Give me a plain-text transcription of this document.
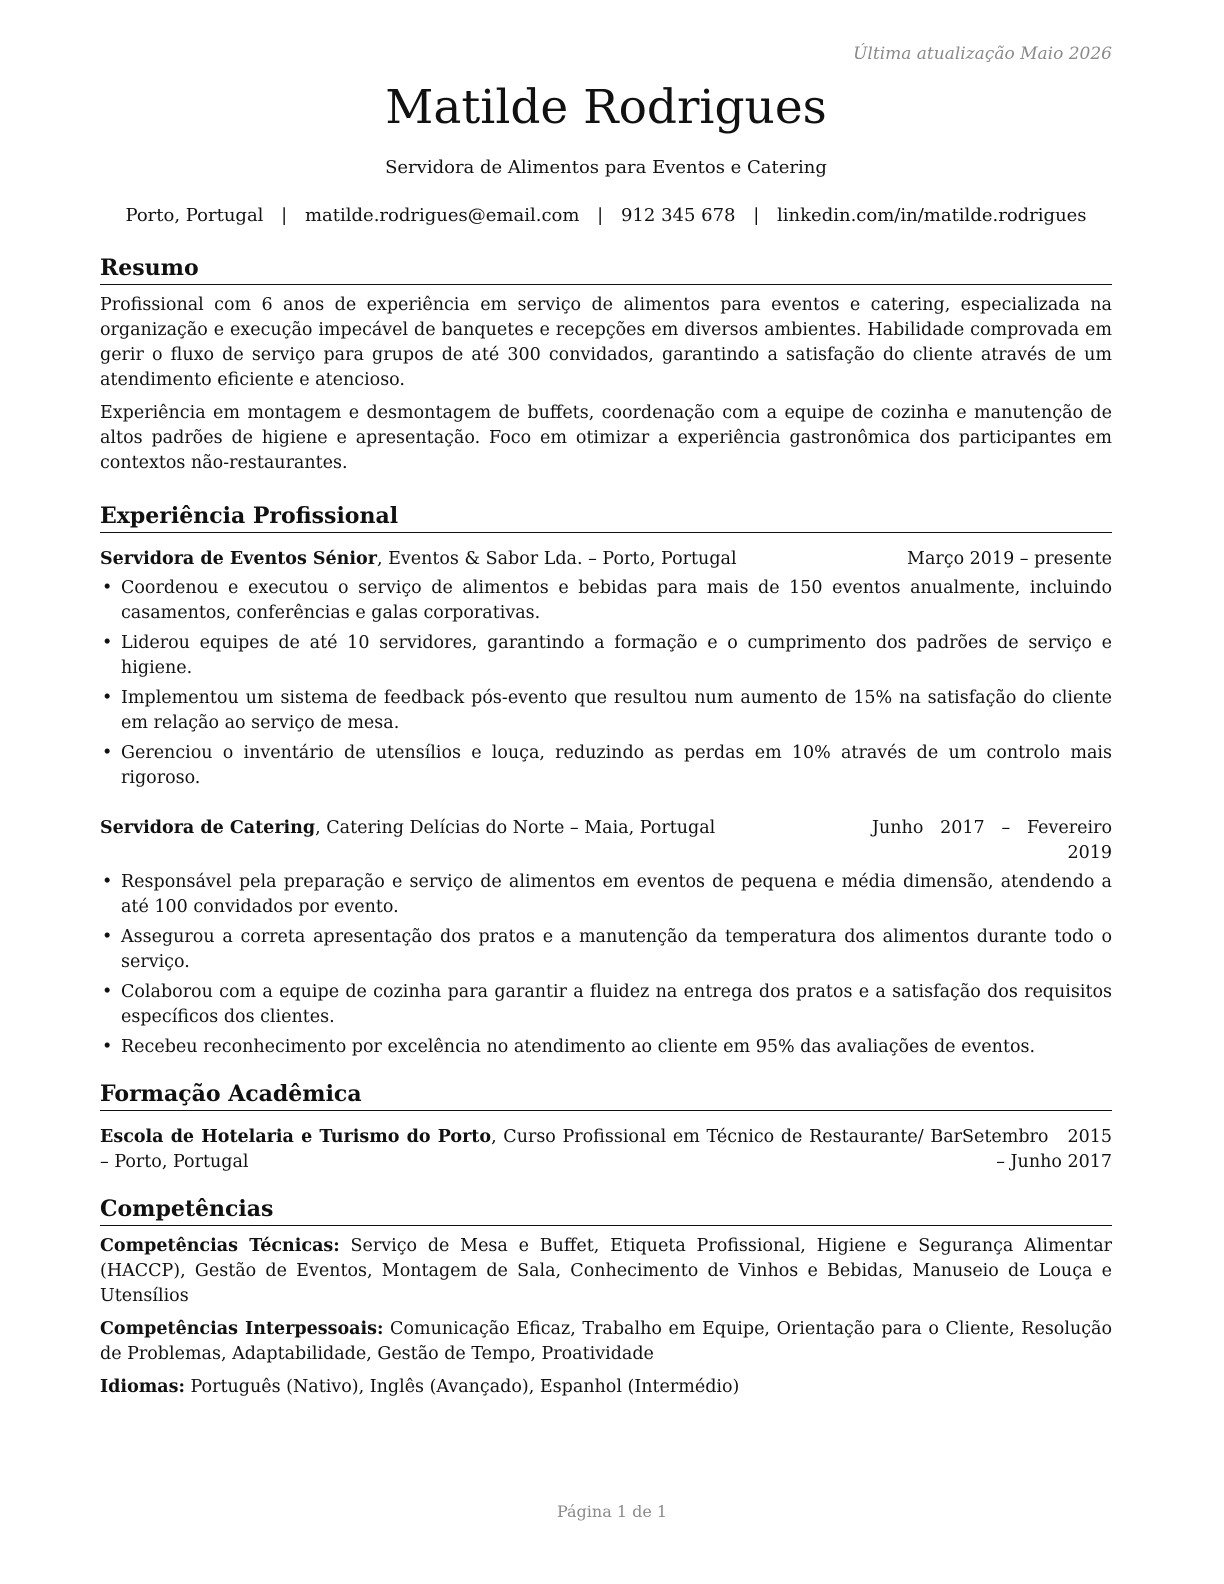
Última atualização Maio 2026
Matilde Rodrigues
Servidora de Alimentos para Eventos e Catering
Porto, Portugal | matilde.rodrigues@email.com | 912 345 678 | linkedin.com/in/matilde.rodrigues
Resumo

Profissional com 6 anos de experiência em serviço de alimentos para eventos e catering, especializada na organização e execução impecável de banquetes e recepções em diversos ambientes. Habilidade comprovada em gerir o fluxo de serviço para grupos de até 300 convidados, garantindo a satisfação do cliente através de um atendimento eficiente e atencioso.

Experiência em montagem e desmontagem de buffets, coordenação com a equipe de cozinha e manutenção de altos padrões de higiene e apresentação. Foco em otimizar a experiência gastronômica dos participantes em contextos não-restaurantes.

Experiência Profissional
Servidora de Eventos Sénior, Eventos & Sabor Lda. – Porto, Portugal	Março 2019 – presente
• Coordenou e executou o serviço de alimentos e bebidas para mais de 150 eventos anualmente, incluindo casamentos, conferências e galas corporativas.
• Liderou equipes de até 10 servidores, garantindo a formação e o cumprimento dos padrões de serviço e higiene.
• Implementou um sistema de feedback pós-evento que resultou num aumento de 15% na satisfação do cliente em relação ao serviço de mesa.
• Gerenciou o inventário de utensílios e louça, reduzindo as perdas em 10% através de um controlo mais rigoroso.
Servidora de Catering, Catering Delícias do Norte – Maia, Portugal	Junho 2017 – Fevereiro 2019
• Responsável pela preparação e serviço de alimentos em eventos de pequena e média dimensão, atendendo a até 100 convidados por evento.
• Assegurou a correta apresentação dos pratos e a manutenção da temperatura dos alimentos durante todo o serviço.
• Colaborou com a equipe de cozinha para garantir a fluidez na entrega dos pratos e a satisfação dos requisitos específicos dos clientes.
• Recebeu reconhecimento por excelência no atendimento ao cliente em 95% das avaliações de eventos.
Formação Acadêmica
Escola de Hotelaria e Turismo do Porto, Curso Profissional em Técnico de Restaurante/ Bar – Porto, Portugal
Setembro 2015 – Junho 2017
Competências

Competências Técnicas: Serviço de Mesa e Buffet, Etiqueta Profissional, Higiene e Segurança Alimentar (HACCP), Gestão de Eventos, Montagem de Sala, Conhecimento de Vinhos e Bebidas, Manuseio de Louça e Utensílios

Competências Interpessoais: Comunicação Eficaz, Trabalho em Equipe, Orientação para o Cliente, Resolução de Problemas, Adaptabilidade, Gestão de Tempo, Proatividade

Idiomas: Português (Nativo), Inglês (Avançado), Espanhol (Intermédio)

Página 1 de 1
